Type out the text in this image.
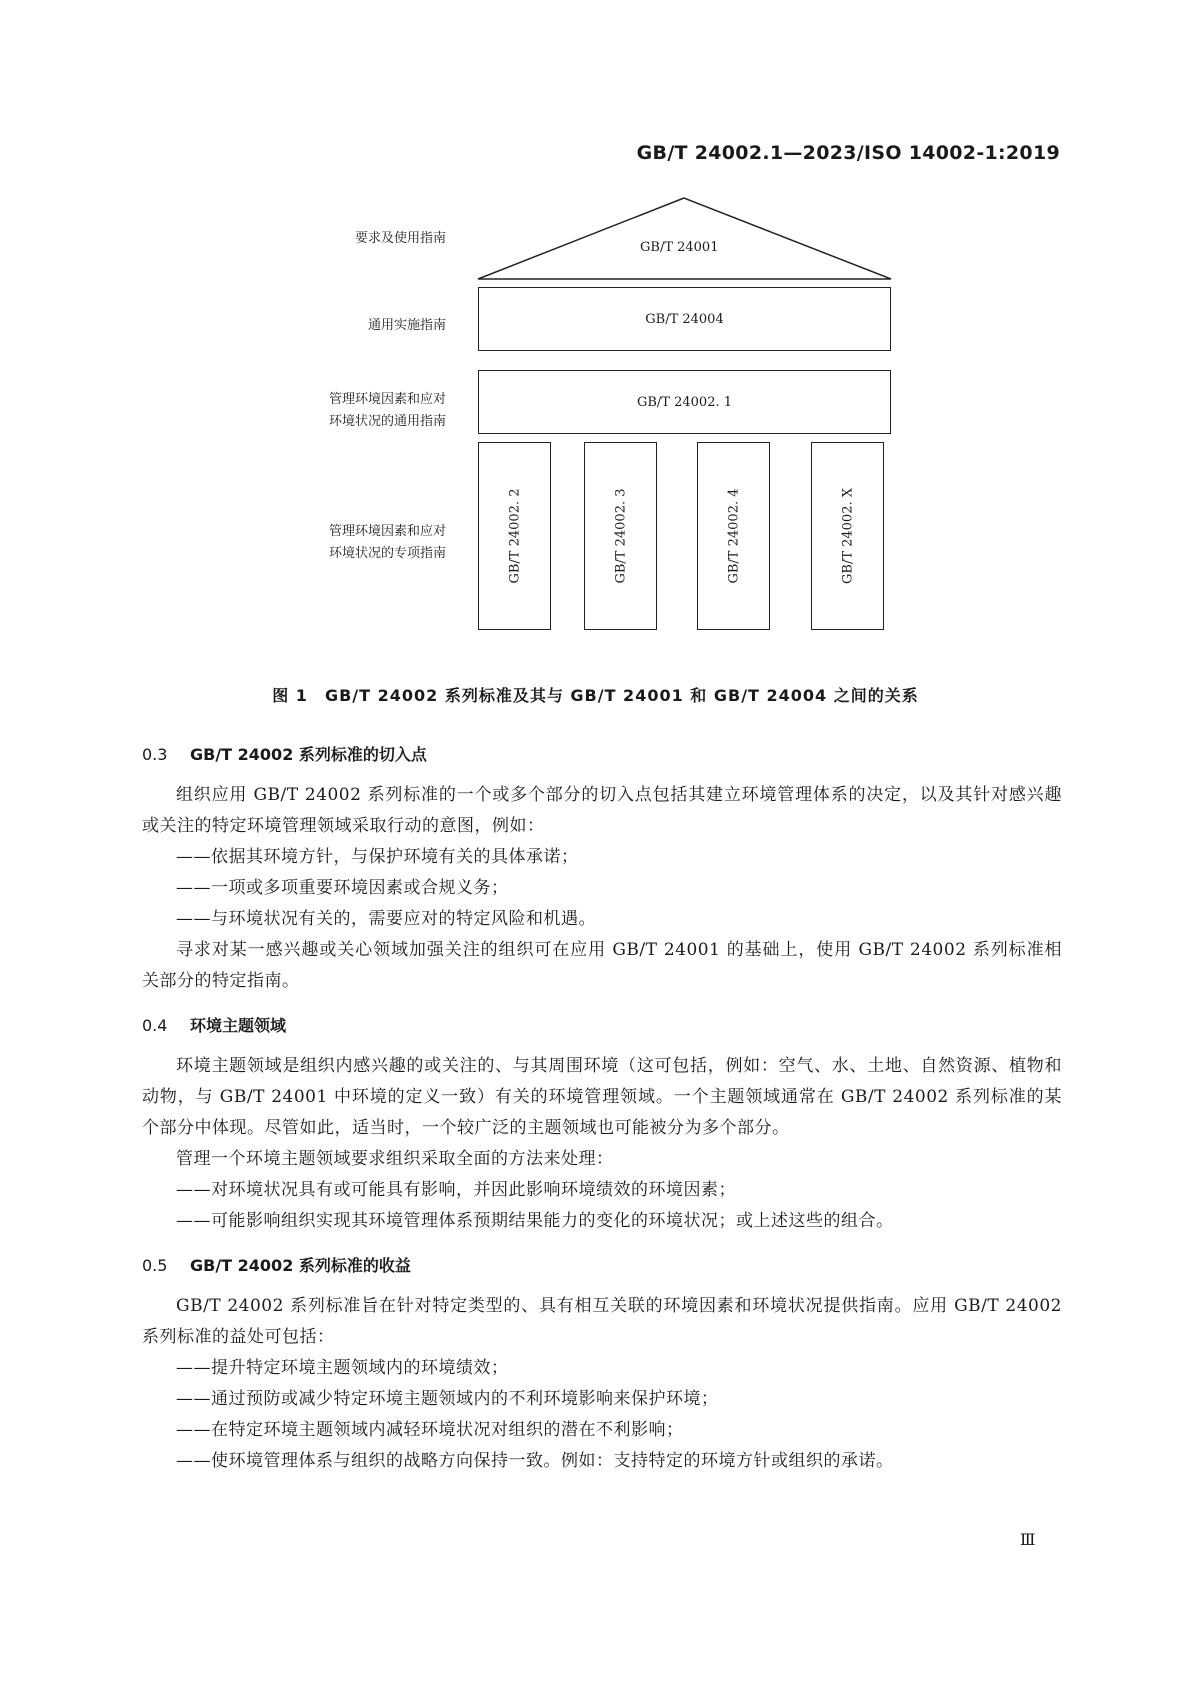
GB/T 24002.1—2023/ISO 14002-1:2019
GB/T 24001
要求及使用指南
GB/T 24004
通用实施指南
GB/T 24002. 1
管理环境因素和应对
环境状况的通用指南
GB/T 24002. 2	GB/T 24002. 3	GB/T 24002. 4	GB/T 24002. X
管理环境因素和应对
环境状况的专项指南
图 1　GB/T 24002 系列标准及其与 GB/T 24001 和 GB/T 24004 之间的关系

0.3 GB/T 24002 系列标准的切入点

组织应用 GB/T 24002 系列标准的一个或多个部分的切入点包括其建立环境管理体系的决定，以及其针对感兴趣或关注的特定环境管理领域采取行动的意图，例如：

——依据其环境方针，与保护环境有关的具体承诺；

——一项或多项重要环境因素或合规义务；

——与环境状况有关的，需要应对的特定风险和机遇。

寻求对某一感兴趣或关心领域加强关注的组织可在应用 GB/T 24001 的基础上，使用 GB/T 24002 系列标准相关部分的特定指南。

0.4 环境主题领域

环境主题领域是组织内感兴趣的或关注的、与其周围环境（这可包括，例如：空气、水、土地、自然资源、植物和动物，与 GB/T 24001 中环境的定义一致）有关的环境管理领域。一个主题领域通常在 GB/T 24002 系列标准的某个部分中体现。尽管如此，适当时，一个较广泛的主题领域也可能被分为多个部分。

管理一个环境主题领域要求组织采取全面的方法来处理：

——对环境状况具有或可能具有影响，并因此影响环境绩效的环境因素；

——可能影响组织实现其环境管理体系预期结果能力的变化的环境状况；或上述这些的组合。

0.5 GB/T 24002 系列标准的收益

GB/T 24002 系列标准旨在针对特定类型的、具有相互关联的环境因素和环境状况提供指南。应用 GB/T 24002 系列标准的益处可包括：

——提升特定环境主题领域内的环境绩效；

——通过预防或减少特定环境主题领域内的不利环境影响来保护环境；

——在特定环境主题领域内减轻环境状况对组织的潜在不利影响；

——使环境管理体系与组织的战略方向保持一致。例如：支持特定的环境方针或组织的承诺。

Ⅲ
